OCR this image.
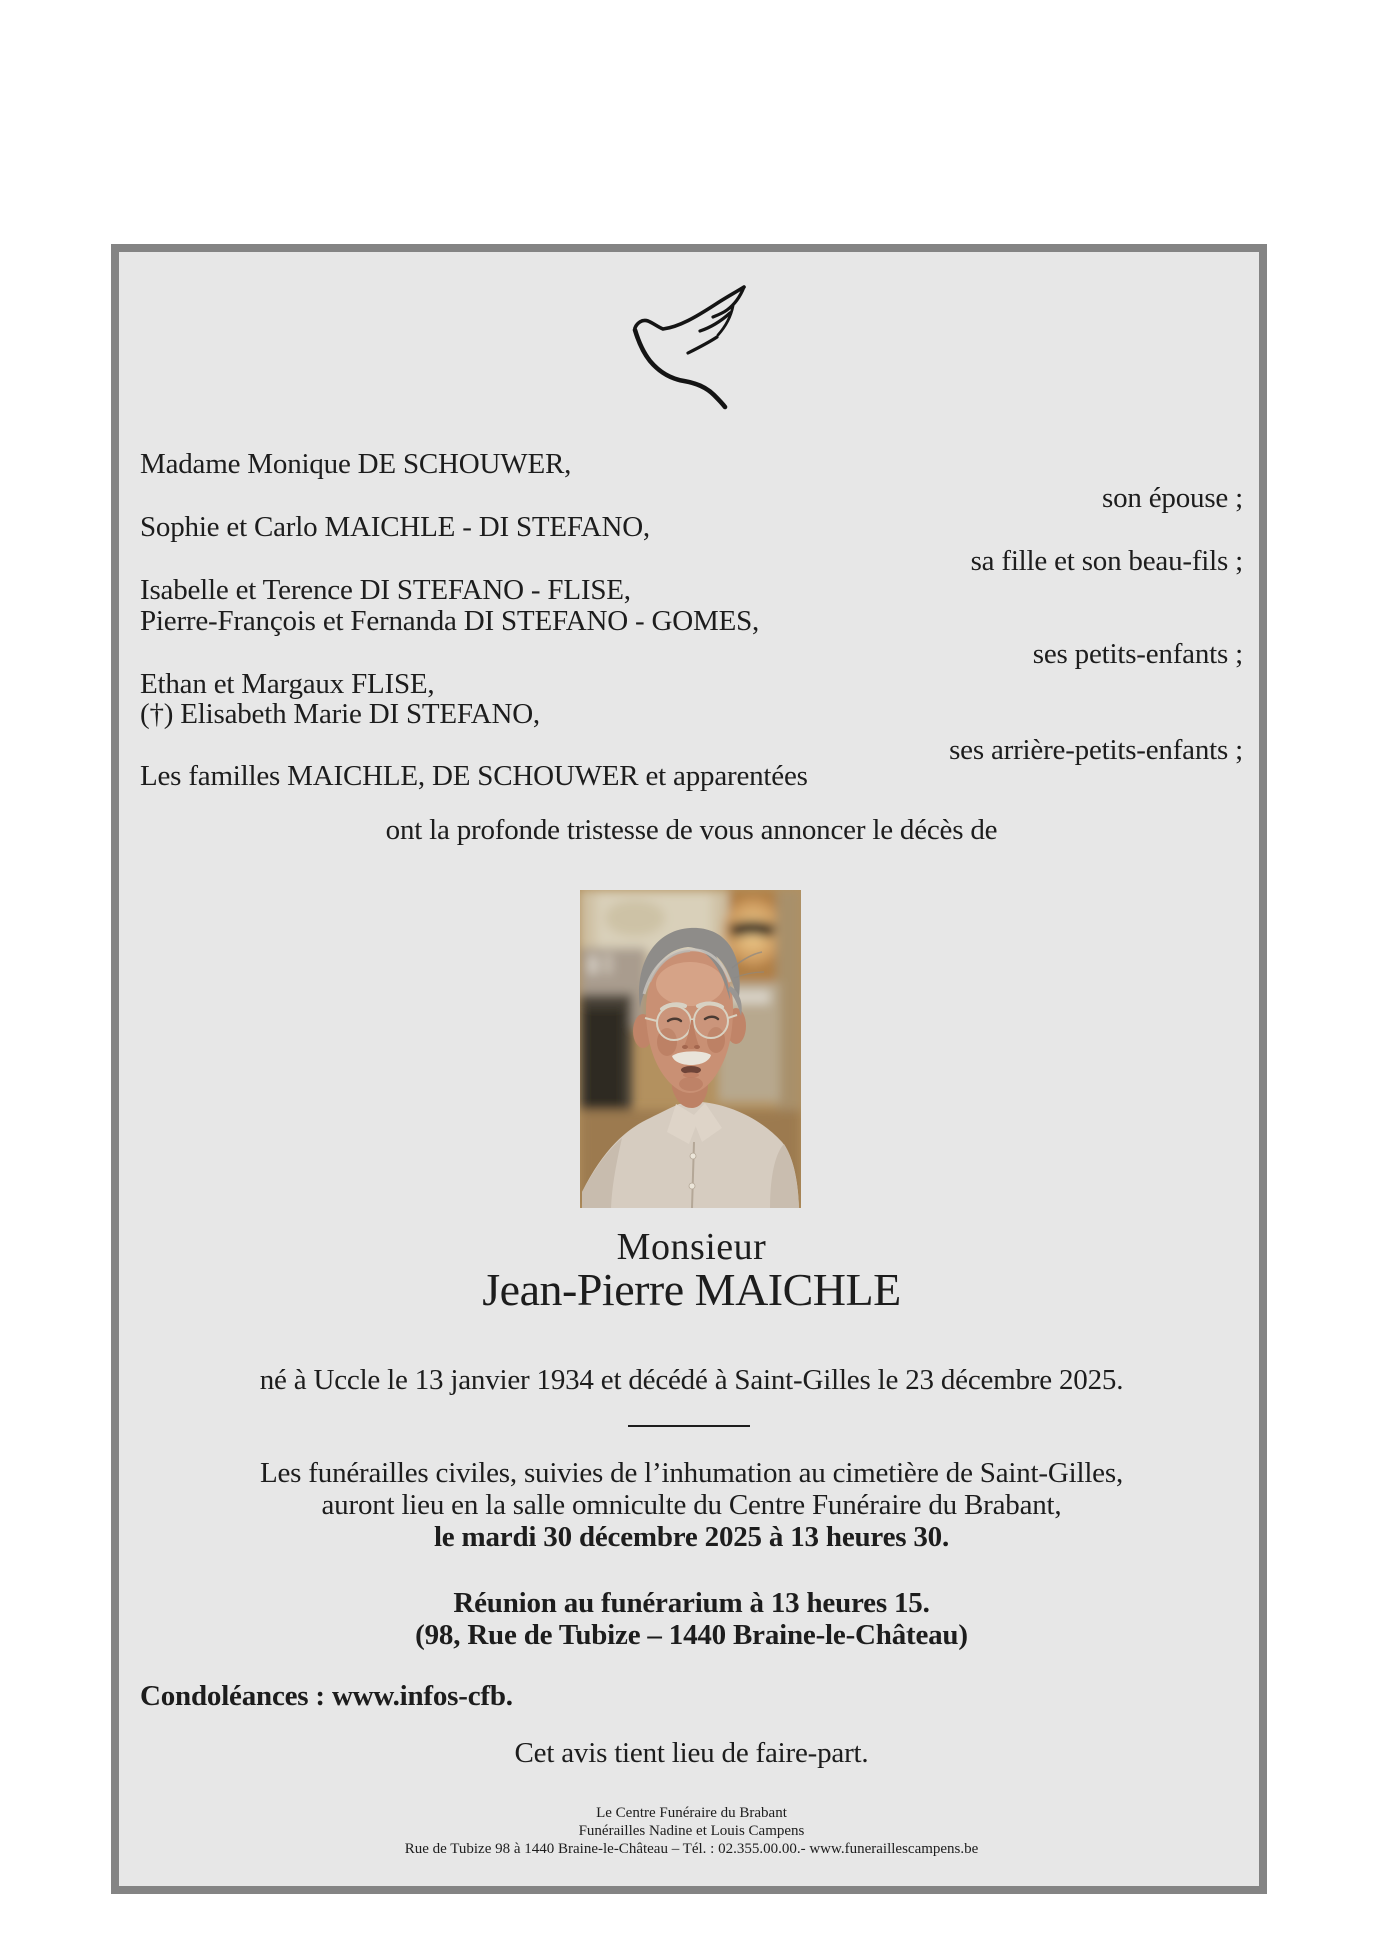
Madame Monique DE SCHOUWER,
son épouse ;
Sophie et Carlo MAICHLE - DI STEFANO,
sa fille et son beau-fils ;
Isabelle et Terence DI STEFANO - FLISE,
Pierre-François et Fernanda DI STEFANO - GOMES,
ses petits-enfants ;
Ethan et Margaux FLISE,
(†) Elisabeth Marie DI STEFANO,
ses arrière-petits-enfants ;
Les familles MAICHLE, DE SCHOUWER et apparentées
ont la profonde tristesse de vous annoncer le décès de
Monsieur
Jean-Pierre MAICHLE
né à Uccle le 13 janvier 1934 et décédé à Saint-Gilles le 23 décembre 2025.
Les funérailles civiles, suivies de l’inhumation au cimetière de Saint-Gilles,
auront lieu en la salle omniculte du Centre Funéraire du Brabant,
le mardi 30 décembre 2025 à 13 heures 30.
Réunion au funérarium à 13 heures 15.
(98, Rue de Tubize – 1440 Braine-le-Château)
Condoléances : www.infos-cfb.
Cet avis tient lieu de faire-part.
Le Centre Funéraire du Brabant
Funérailles Nadine et Louis Campens
Rue de Tubize 98 à 1440 Braine-le-Château – Tél. : 02.355.00.00.- www.funeraillescampens.be
